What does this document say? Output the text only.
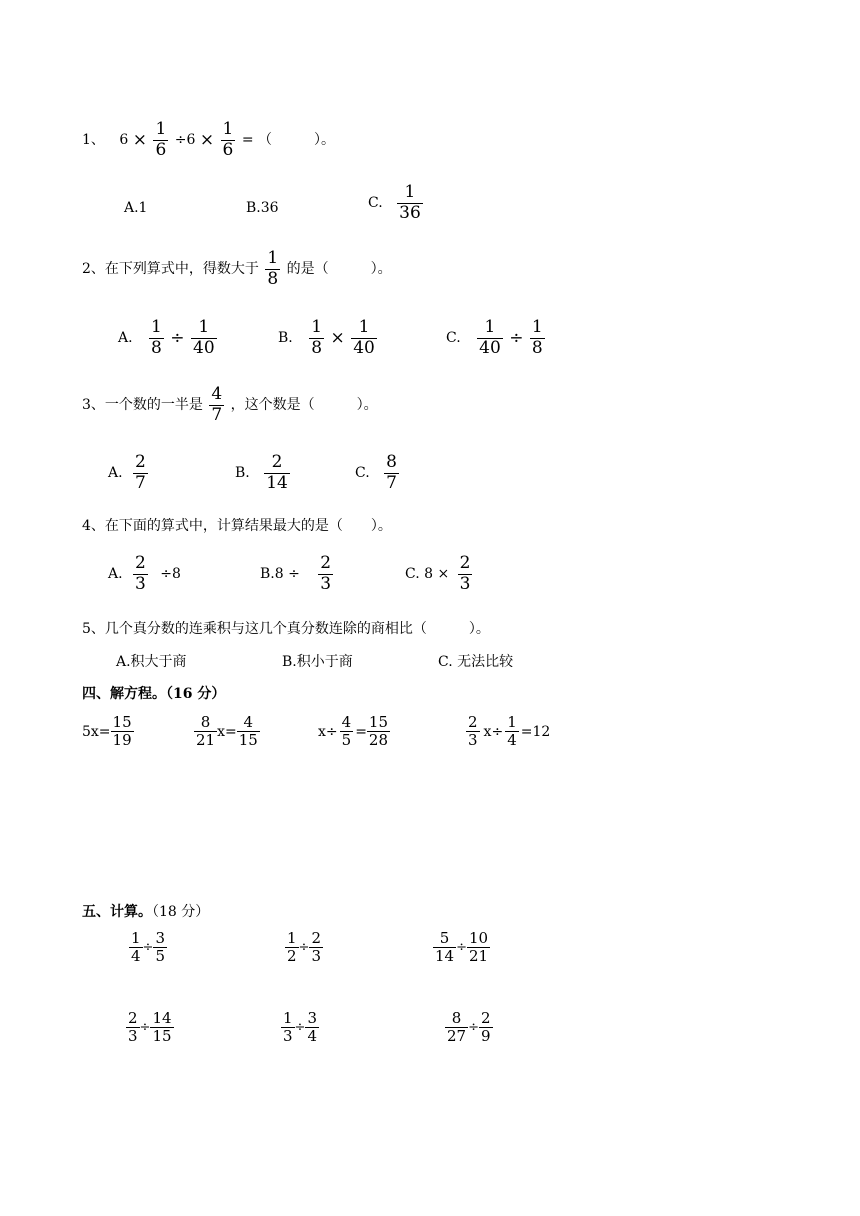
1、 $6 \times \frac{1}{6} \div 6 \times \frac{1}{6}$ = （　　　）。
A.1	B.36	C. $\frac{1}{36}$
2、在下列算式中，得数大于 $\frac{1}{8}$ 的是（　　　）。
A. $\frac{1}{8} \div \frac{1}{40}$	B. $\frac{1}{8} \times \frac{1}{40}$	C. $\frac{1}{40} \div \frac{1}{8}$
3、一个数的一半是 $\frac{4}{7}$ ，这个数是（　　　）。
A. $\frac{2}{7}$	B. $\frac{2}{14}$	C. $\frac{8}{7}$
4、在下面的算式中，计算结果最大的是（　　）。
A. $\frac{2}{3} \div 8$	$B.8 \div \frac{2}{3}$	C. $8 \times \frac{2}{3}$
5、几个真分数的连乘积与这几个真分数连除的商相比（　　　）。
A.积大于商	B.积小于商	C. 无法比较
四、解方程。（16 分）
$5x= \frac{15}{19}$	$\frac{8}{21} x= \frac{4}{15}$	$x\div \frac{4}{5} = \frac{15}{28}$	$\frac{2}{3} x\div \frac{1}{4} =12$
五、计算。（18 分）
$\frac{1}{4} \div \frac{3}{5}$	$\frac{1}{2} \div \frac{2}{3}$	$\frac{5}{14} \div \frac{10}{21}$
$\frac{2}{3} \div \frac{14}{15}$	$\frac{1}{3} \div \frac{3}{4}$	$\frac{8}{27} \div \frac{2}{9}$
